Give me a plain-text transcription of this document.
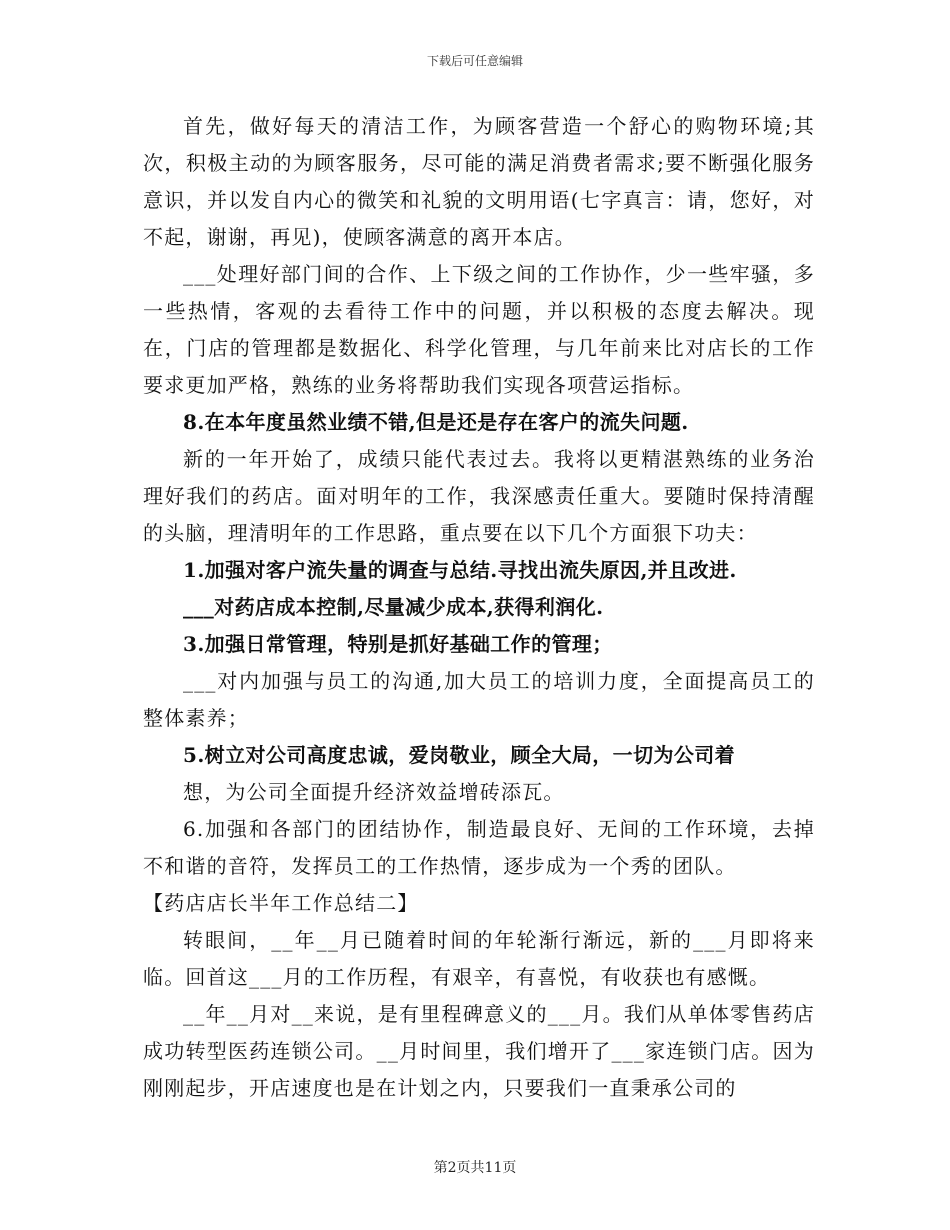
下载后可任意编辑

首先，做好每天的清洁工作，为顾客营造一个舒心的购物环境;其次，积极主动的为顾客服务，尽可能的满足消费者需求;要不断强化服务意识，并以发自内心的微笑和礼貌的文明用语(七字真言：请，您好，对不起，谢谢，再见)，使顾客满意的离开本店。

___处理好部门间的合作、上下级之间的工作协作，少一些牢骚，多一些热情，客观的去看待工作中的问题，并以积极的态度去解决。现在，门店的管理都是数据化、科学化管理，与几年前来比对店长的工作要求更加严格，熟练的业务将帮助我们实现各项营运指标。

8.在本年度虽然业绩不错,但是还是存在客户的流失问题.

新的一年开始了，成绩只能代表过去。我将以更精湛熟练的业务治理好我们的药店。面对明年的工作，我深感责任重大。要随时保持清醒的头脑，理清明年的工作思路，重点要在以下几个方面狠下功夫：

1.加强对客户流失量的调查与总结.寻找出流失原因,并且改进.

___对药店成本控制,尽量减少成本,获得利润化.

3.加强日常管理，特别是抓好基础工作的管理；

___对内加强与员工的沟通,加大员工的培训力度，全面提高员工的整体素养；

5.树立对公司高度忠诚，爱岗敬业，顾全大局，一切为公司着

想，为公司全面提升经济效益增砖添瓦。

6.加强和各部门的团结协作，制造最良好、无间的工作环境，去掉不和谐的音符，发挥员工的工作热情，逐步成为一个秀的团队。

【药店店长半年工作总结二】

转眼间，__年__月已随着时间的年轮渐行渐远，新的___月即将来临。回首这___月的工作历程，有艰辛，有喜悦，有收获也有感慨。

__年__月对__来说，是有里程碑意义的___月。我们从单体零售药店成功转型医药连锁公司。__月时间里，我们增开了___家连锁门店。因为刚刚起步，开店速度也是在计划之内，只要我们一直秉承公司的

第2页共11页
